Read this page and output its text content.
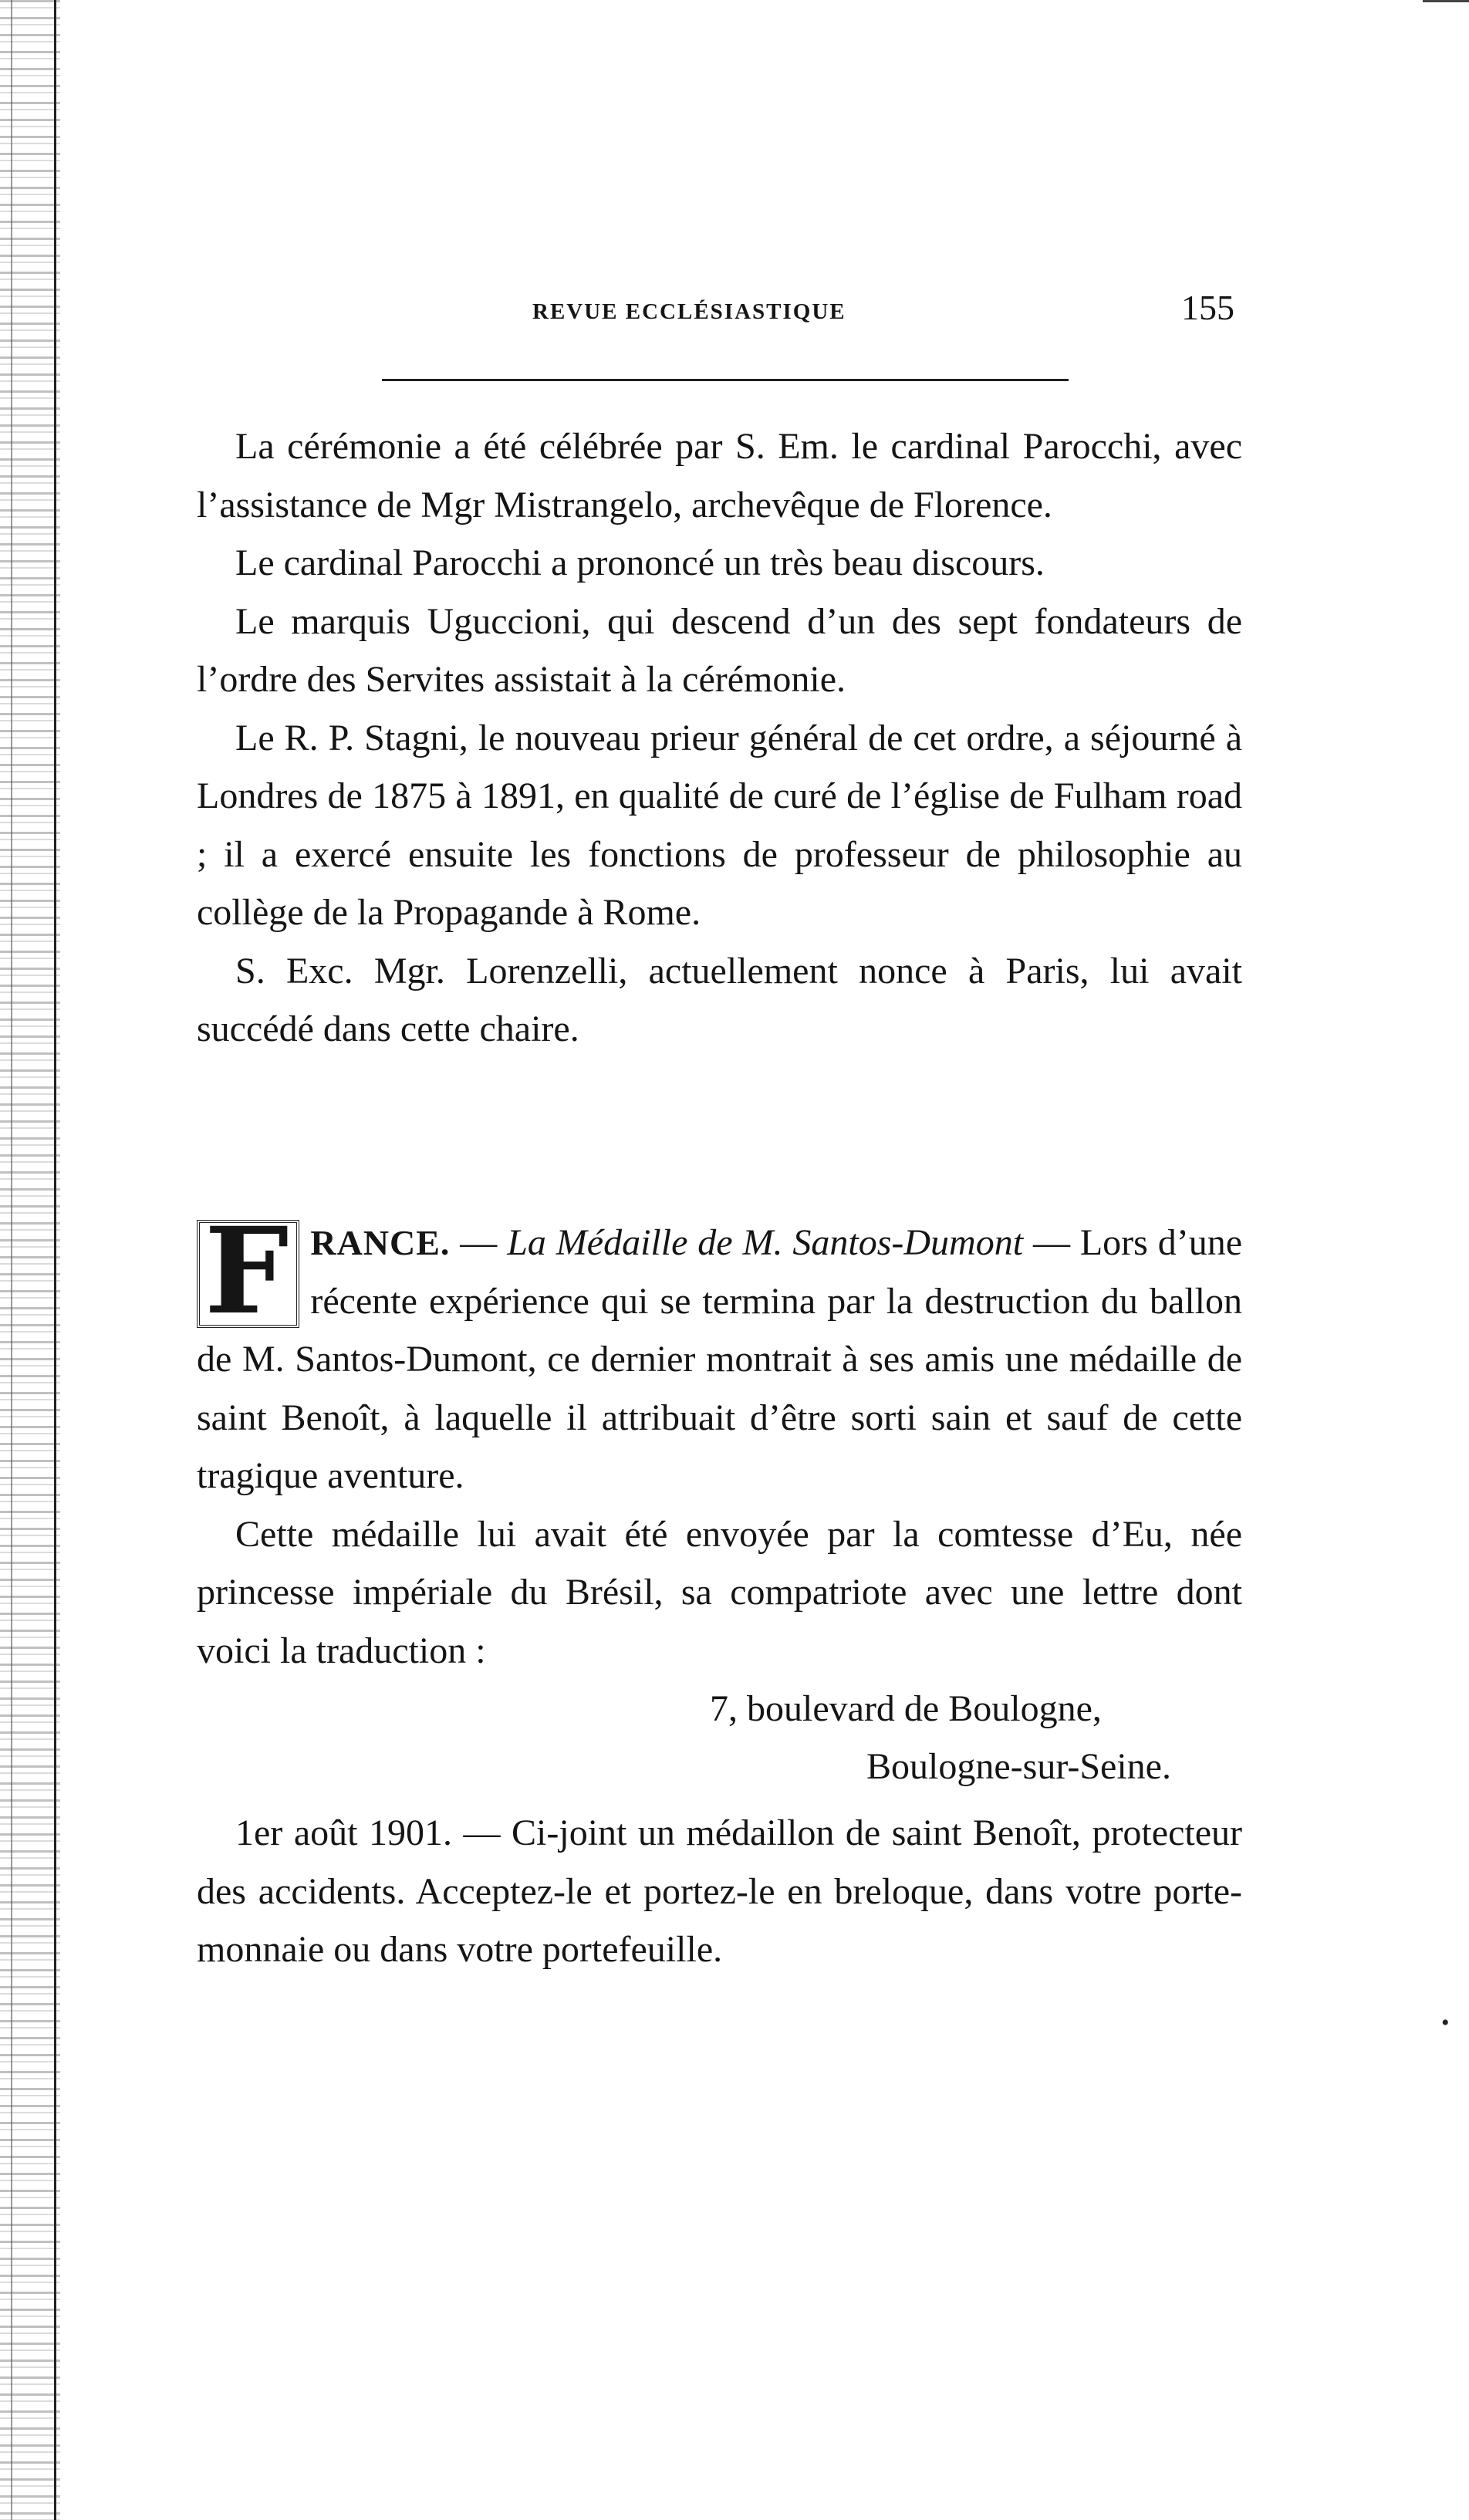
•
REVUE ECCLÉSIASTIQUE	155

La cérémonie a été célébrée par S. Em. le cardinal Parocchi, avec l’assistance de Mgr Mistrangelo, archevêque de Florence.

Le cardinal Parocchi a prononcé un très beau discours.

Le marquis Uguccioni, qui descend d’un des sept fondateurs de l’ordre des Servites assistait à la cérémonie.

Le R. P. Stagni, le nouveau prieur général de cet ordre, a séjourné à Londres de 1875 à 1891, en qualité de curé de l’église de Fulham road ; il a exercé ensuite les fonctions de professeur de philosophie au collège de la Propagande à Rome.

S. Exc. Mgr. Lorenzelli, actuellement nonce à Paris, lui avait succédé dans cette chaire.

F RANCE. — La Médaille de M. Santos-Dumont — Lors d’une récente expérience qui se termina par la destruction du ballon de M. Santos-Dumont, ce dernier montrait à ses amis une médaille de saint Benoît, à laquelle il attribuait d’être sorti sain et sauf de cette tragique aventure.

Cette médaille lui avait été envoyée par la comtesse d’Eu, née princesse impériale du Brésil, sa compatriote avec une lettre dont voici la traduction :

7, boulevard de Boulogne,
Boulogne-sur-Seine.

1er août 1901. — Ci-joint un médaillon de saint Benoît, protecteur des accidents. Acceptez-le et portez-le en breloque, dans votre porte-monnaie ou dans votre portefeuille.
